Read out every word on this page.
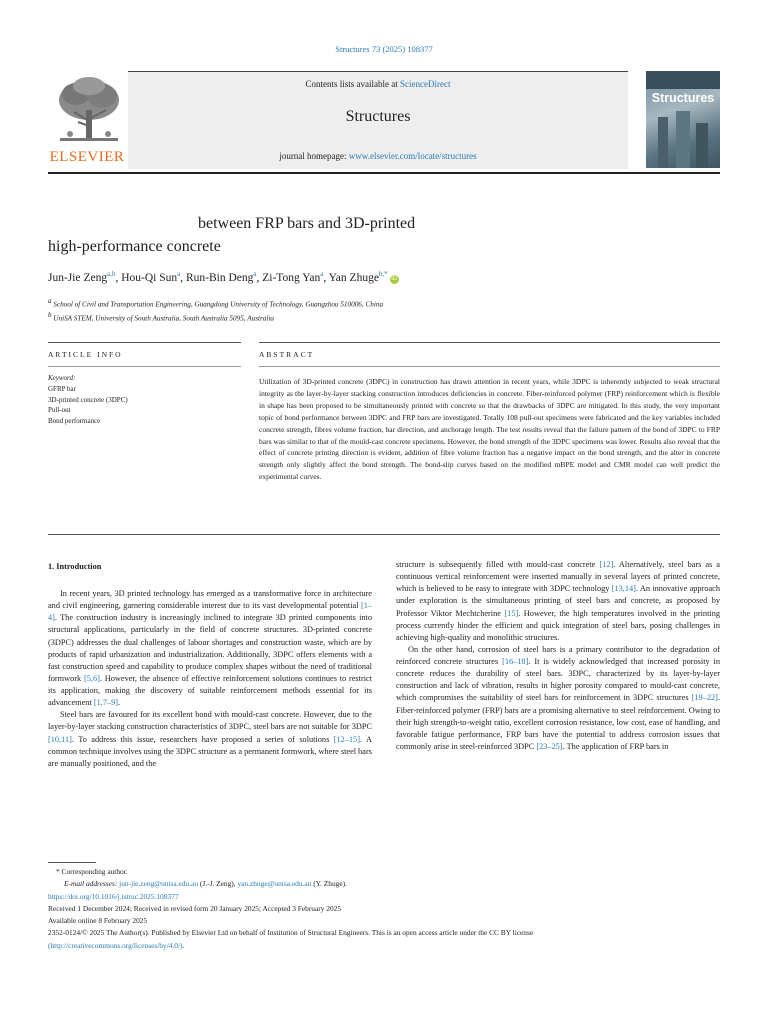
Structures 73 (2025) 108377
ELSEVIER
Contents lists available at ScienceDirect
Structures
journal homepage: www.elsevier.com/locate/structures
Structures
between FRP bars and 3D-printed
high-performance concrete
Jun-Jie Zeng$^{a,b}$, Hou-Qi Sun$^a$, Run-Bin Deng$^a$, Zi-Tong Yan$^a$, Yan Zhuge$^{b,*}$iD
$^a$ School of Civil and Transportation Engineering, Guangdong University of Technology, Guangzhou 510006, China
$^b$ UniSA STEM, University of South Australia, South Australia 5095, Australia
ARTICLE INFO	ABSTRACT
Keyword:
GFRP bar
3D-printed concrete (3DPC)
Pull-out
Bond performance
Utilization of 3D-printed concrete (3DPC) in construction has drawn attention in recent years, while 3DPC is inherently subjected to weak structural integrity as the layer-by-layer stacking construction introduces deficiencies in concrete. Fiber-reinforced polymer (FRP) reinforcement which is flexible in shape has been proposed to be simultaneously printed with concrete so that the drawbacks of 3DPC are mitigated. In this study, the very important topic of bond performance between 3DPC and FRP bars are investigated. Totally 108 pull-out specimens were fabricated and the key variables included concrete strength, fibres volume fraction, bar direction, and anchorage length. The test results reveal that the failure pattern of the bond of 3DPC to FRP bars was similar to that of the mould-cast concrete specimens. However, the bond strength of the 3DPC specimens was lower. Results also reveal that the effect of concrete printing direction is evident, addition of fibre volume fraction has a negative impact on the bond strength, and the alter in concrete strength only slightly affect the bond strength. The bond-slip curves based on the modified mBPE model and CMR model can well predict the experimental curves.
1. Introduction

In recent years, 3D printed technology has emerged as a transformative force in architecture and civil engineering, garnering considerable interest due to its vast developmental potential [1–4]. The construction industry is increasingly inclined to integrate 3D printed components into structural applications, particularly in the field of concrete structures. 3D-printed concrete (3DPC) addresses the dual challenges of labour shortages and construction waste, which are by products of rapid urbanization and industrialization. Additionally, 3DPC offers elements with a fast construction speed and capability to produce complex shapes without the need of traditional formwork [5,6]. However, the absence of effective reinforcement solutions continues to restrict its application, making the discovery of suitable reinforcement methods essential for its advancement [1,7–9].

Steel bars are favoured for its excellent bond with mould-cast concrete. However, due to the layer-by-layer stacking construction characteristics of 3DPC, steel bars are not suitable for 3DPC [10,11]. To address this issue, researchers have proposed a series of solutions [12–15]. A common technique involves using the 3DPC structure as a permanent formwork, where steel bars are manually positioned, and the

structure is subsequently filled with mould-cast concrete [12]. Alternatively, steel bars as a continuous vertical reinforcement were inserted manually in several layers of printed concrete, which is believed to be easy to integrate with 3DPC technology [13,14]. An innovative approach under exploration is the simultaneous printing of steel bars and concrete, as proposed by Professor Viktor Mechtcherine [15]. However, the high temperatures involved in the printing process currently hinder the efficient and quick integration of steel bars, posing challenges in achieving high-quality and monolithic structures.

On the other hand, corrosion of steel bars is a primary contributor to the degradation of reinforced concrete structures [16–18]. It is widely acknowledged that increased porosity in concrete reduces the durability of steel bars. 3DPC, characterized by its layer-by-layer construction and lack of vibration, results in higher porosity compared to mould-cast concrete, which compromises the suitability of steel bars for reinforcement in 3DPC structures [19–22]. Fiber-reinforced polymer (FRP) bars are a promising alternative to steel reinforcement. Owing to their high strength-to-weight ratio, excellent corrosion resistance, low cost, ease of handling, and favorable fatigue performance, FRP bars have the potential to address corrosion issues that commonly arise in steel-reinforced 3DPC [23–25]. The application of FRP bars in

* Corresponding author.
E-mail addresses: jun-jie.zeng@unisa.edu.au (J.-J. Zeng), yan.zhuge@unisa.edu.au (Y. Zhuge).
https://doi.org/10.1016/j.istruc.2025.108377
Received 1 December 2024; Received in revised form 20 January 2025; Accepted 3 February 2025
Available online 8 February 2025
2352-0124/© 2025 The Author(s). Published by Elsevier Ltd on behalf of Institution of Structural Engineers. This is an open access article under the CC BY license
(http://creativecommons.org/licenses/by/4.0/).
